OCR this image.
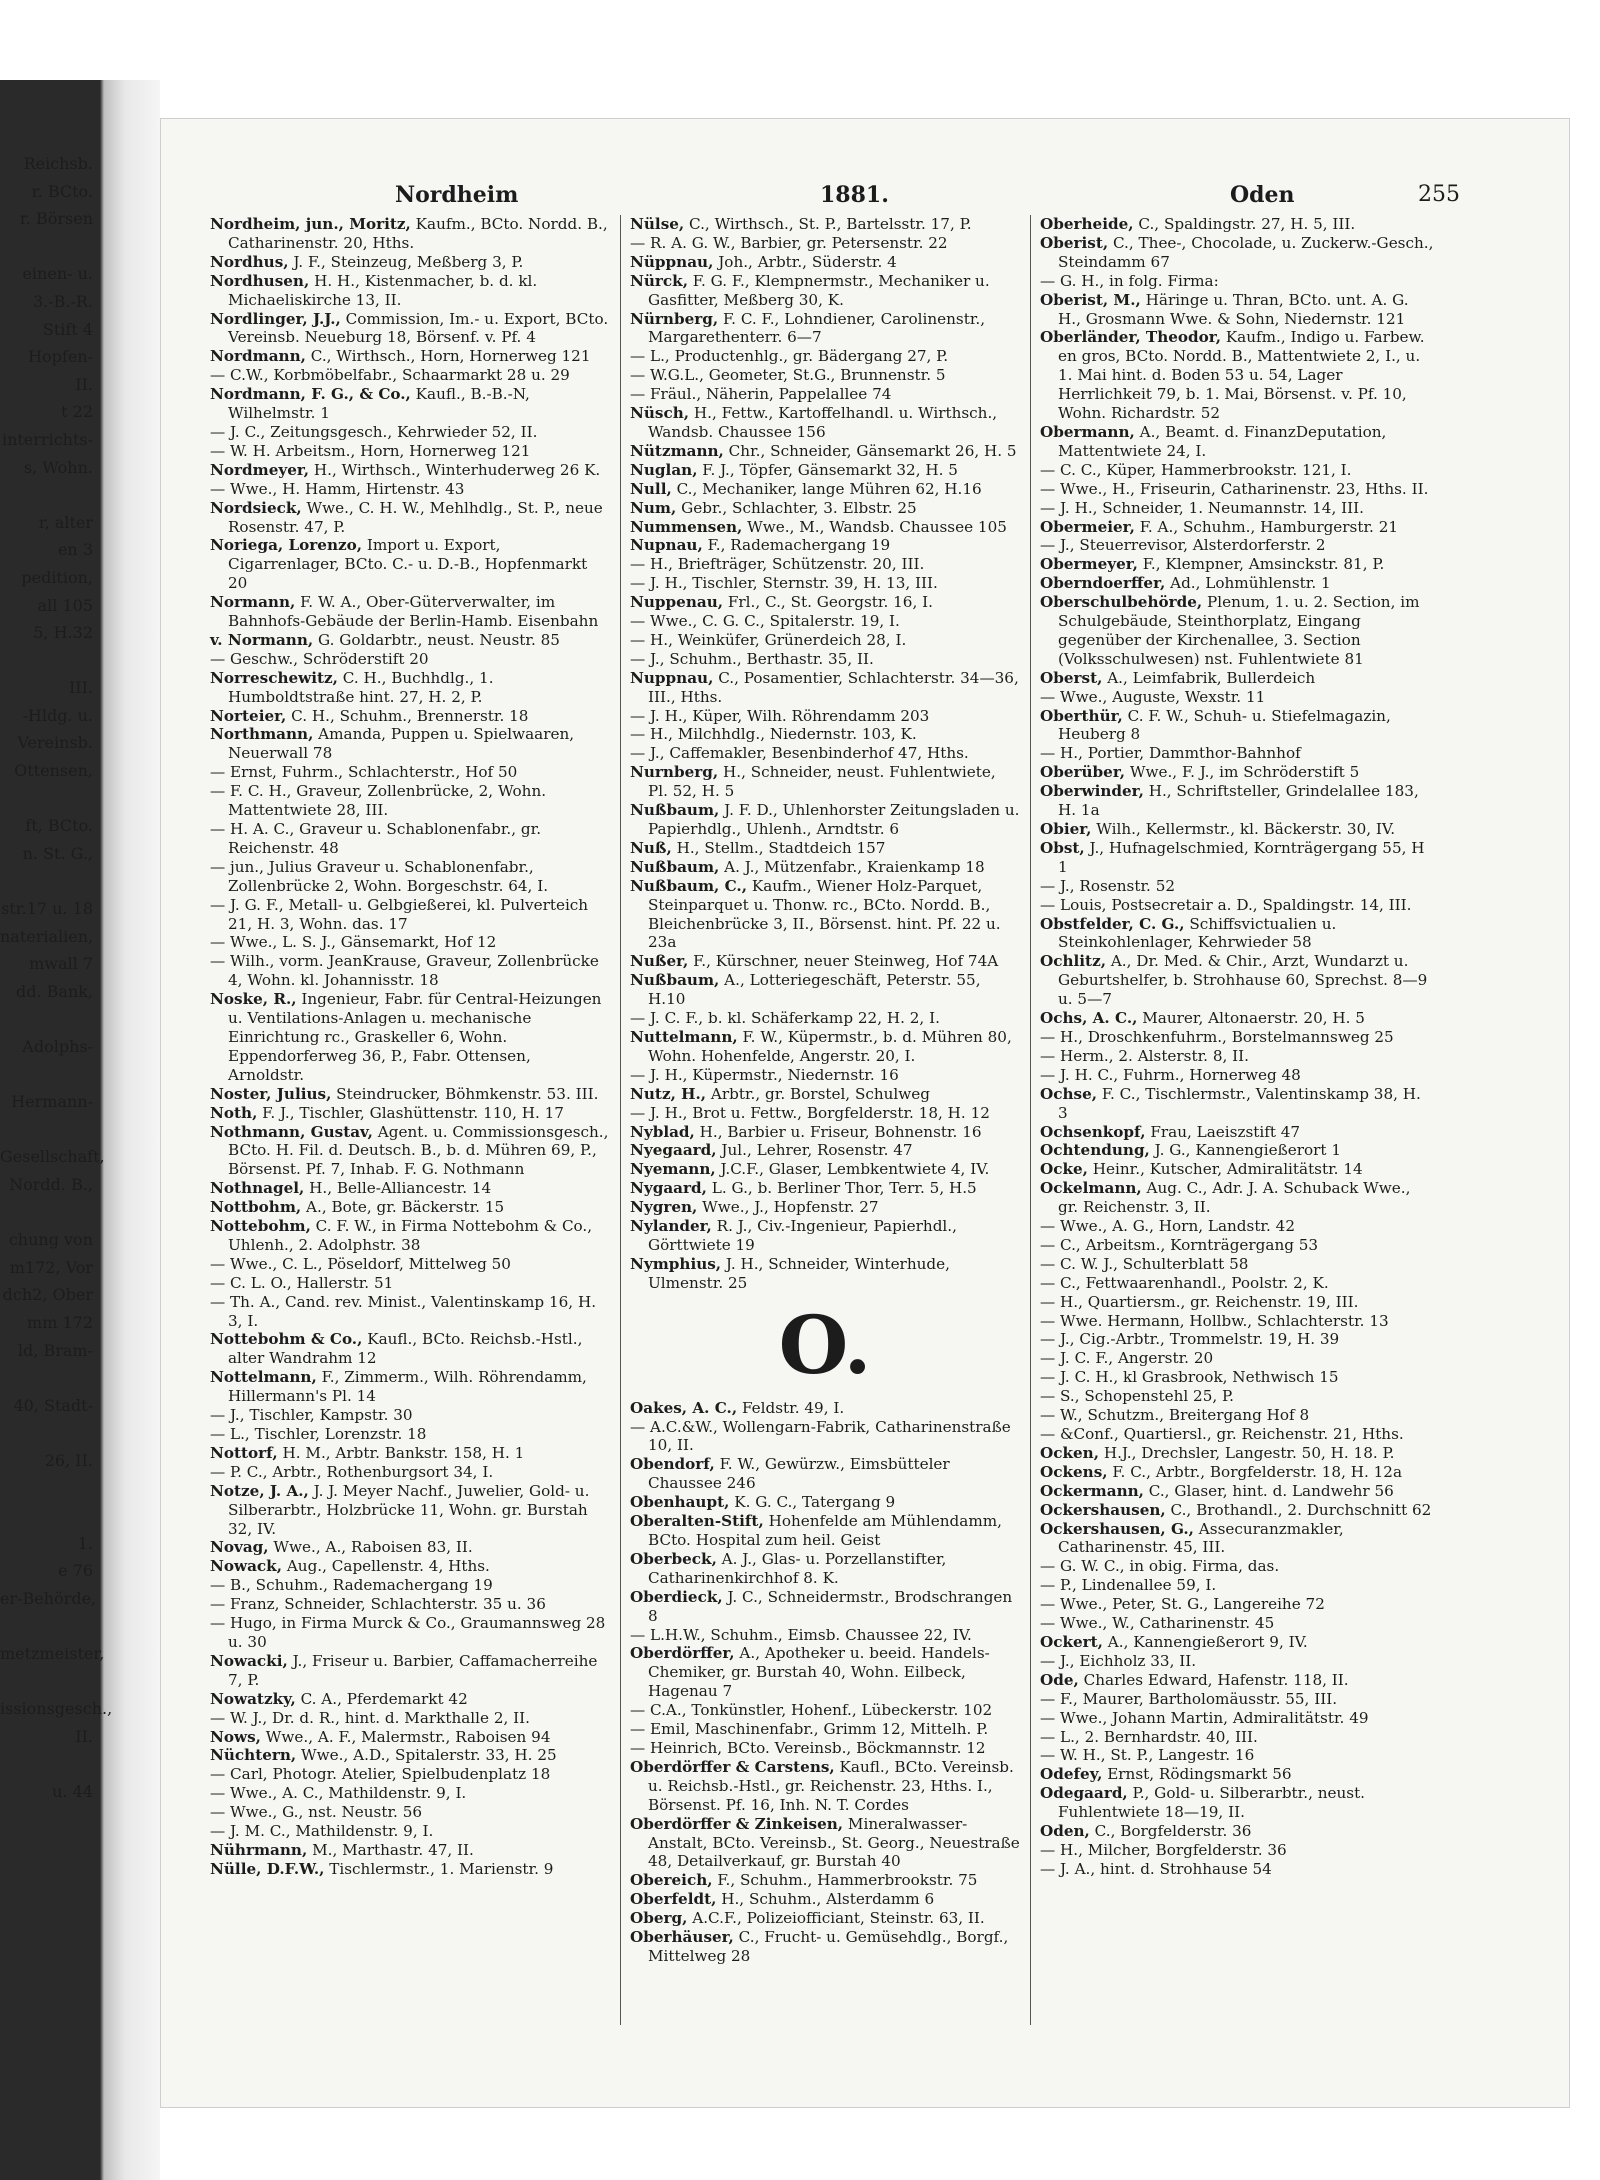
Reichsb.
r. BCto.
r. Börsen

einen- u.
3.-B.-R.
Stift 4
Hopfen-
II.
t 22
interrichts-
s, Wohn.

r, alter
en 3
pedition,
all 105
5, H.32

III.
-Hldg. u.
Vereinsb.
Ottensen,

ft, BCto.
n. St. G.,

str.17 u. 18
naterialien,
mwall 7
dd. Bank,

Adolphs-

Hermann-

Gesellschaft,
Nordd. B.,

chung von
m172, Vor
dch2, Ober
mm 172
ld, Bram-

40, Stadt-

26, II.

1.
e 76
er-Behörde,

metzmeister,

issionsgesch.,
II.

u. 44
Nordheim	1881.	Oden	255
Nordheim, jun., Moritz, Kaufm., BCto. Nordd. B., Catharinenstr. 20, Hths.
Nordhus, J. F., Steinzeug, Meßberg 3, P.
Nordhusen, H. H., Kistenmacher, b. d. kl. Michaeliskirche 13, II.
Nordlinger, J.J., Commission, Im.- u. Export, BCto. Vereinsb. Neueburg 18, Börsenf. v. Pf. 4
Nordmann, C., Wirthsch., Horn, Hornerweg 121
— C.W., Korbmöbelfabr., Schaarmarkt 28 u. 29
Nordmann, F. G., & Co., Kaufl., B.-B.-N, Wilhelmstr. 1
— J. C., Zeitungsgesch., Kehrwieder 52, II.
— W. H. Arbeitsm., Horn, Hornerweg 121
Nordmeyer, H., Wirthsch., Winterhuderweg 26 K.
— Wwe., H. Hamm, Hirtenstr. 43
Nordsieck, Wwe., C. H. W., Mehlhdlg., St. P., neue Rosenstr. 47, P.
Noriega, Lorenzo, Import u. Export, Cigarrenlager, BCto. C.- u. D.-B., Hopfenmarkt 20
Normann, F. W. A., Ober-Güterverwalter, im Bahnhofs-Gebäude der Berlin-Hamb. Eisenbahn
v. Normann, G. Goldarbtr., neust. Neustr. 85
— Geschw., Schröderstift 20
Norreschewitz, C. H., Buchhdlg., 1. Humboldtstraße hint. 27, H. 2, P.
Norteier, C. H., Schuhm., Brennerstr. 18
Northmann, Amanda, Puppen u. Spielwaaren, Neuerwall 78
— Ernst, Fuhrm., Schlachterstr., Hof 50
— F. C. H., Graveur, Zollenbrücke, 2, Wohn. Mattentwiete 28, III.
— H. A. C., Graveur u. Schablonenfabr., gr. Reichenstr. 48
— jun., Julius Graveur u. Schablonenfabr., Zollenbrücke 2, Wohn. Borgeschstr. 64, I.
— J. G. F., Metall- u. Gelbgießerei, kl. Pulverteich 21, H. 3, Wohn. das. 17
— Wwe., L. S. J., Gänsemarkt, Hof 12
— Wilh., vorm. JeanKrause, Graveur, Zollenbrücke 4, Wohn. kl. Johannisstr. 18
Noske, R., Ingenieur, Fabr. für Central-Heizungen u. Ventilations-Anlagen u. mechanische Einrichtung rc., Graskeller 6, Wohn. Eppendorferweg 36, P., Fabr. Ottensen, Arnoldstr.
Noster, Julius, Steindrucker, Böhmkenstr. 53. III.
Noth, F. J., Tischler, Glashüttenstr. 110, H. 17
Nothmann, Gustav, Agent. u. Commissionsgesch., BCto. H. Fil. d. Deutsch. B., b. d. Mühren 69, P., Börsenst. Pf. 7, Inhab. F. G. Nothmann
Nothnagel, H., Belle-Alliancestr. 14
Nottbohm, A., Bote, gr. Bäckerstr. 15
Nottebohm, C. F. W., in Firma Nottebohm & Co., Uhlenh., 2. Adolphstr. 38
— Wwe., C. L., Pöseldorf, Mittelweg 50
— C. L. O., Hallerstr. 51
— Th. A., Cand. rev. Minist., Valentinskamp 16, H. 3, I.
Nottebohm & Co., Kaufl., BCto. Reichsb.-Hstl., alter Wandrahm 12
Nottelmann, F., Zimmerm., Wilh. Röhrendamm, Hillermann's Pl. 14
— J., Tischler, Kampstr. 30
— L., Tischler, Lorenzstr. 18
Nottorf, H. M., Arbtr. Bankstr. 158, H. 1
— P. C., Arbtr., Rothenburgsort 34, I.
Notze, J. A., J. J. Meyer Nachf., Juwelier, Gold- u. Silberarbtr., Holzbrücke 11, Wohn. gr. Burstah 32, IV.
Novag, Wwe., A., Raboisen 83, II.
Nowack, Aug., Capellenstr. 4, Hths.
— B., Schuhm., Rademachergang 19
— Franz, Schneider, Schlachterstr. 35 u. 36
— Hugo, in Firma Murck & Co., Graumannsweg 28 u. 30
Nowacki, J., Friseur u. Barbier, Caffamacherreihe 7, P.
Nowatzky, C. A., Pferdemarkt 42
— W. J., Dr. d. R., hint. d. Markthalle 2, II.
Nows, Wwe., A. F., Malermstr., Raboisen 94
Nüchtern, Wwe., A.D., Spitalerstr. 33, H. 25
— Carl, Photogr. Atelier, Spielbudenplatz 18
— Wwe., A. C., Mathildenstr. 9, I.
— Wwe., G., nst. Neustr. 56
— J. M. C., Mathildenstr. 9, I.
Nührmann, M., Marthastr. 47, II.
Nülle, D.F.W., Tischlermstr., 1. Marienstr. 9
Nülse, C., Wirthsch., St. P., Bartelsstr. 17, P.
— R. A. G. W., Barbier, gr. Petersenstr. 22
Nüppnau, Joh., Arbtr., Süderstr. 4
Nürck, F. G. F., Klempnermstr., Mechaniker u. Gasfitter, Meßberg 30, K.
Nürnberg, F. C. F., Lohndiener, Carolinenstr., Margarethenterr. 6—7
— L., Productenhlg., gr. Bädergang 27, P.
— W.G.L., Geometer, St.G., Brunnenstr. 5
— Fräul., Näherin, Pappelallee 74
Nüsch, H., Fettw., Kartoffelhandl. u. Wirthsch., Wandsb. Chaussee 156
Nützmann, Chr., Schneider, Gänsemarkt 26, H. 5
Nuglan, F. J., Töpfer, Gänsemarkt 32, H. 5
Null, C., Mechaniker, lange Mühren 62, H.16
Num, Gebr., Schlachter, 3. Elbstr. 25
Nummensen, Wwe., M., Wandsb. Chaussee 105
Nupnau, F., Rademachergang 19
— H., Briefträger, Schützenstr. 20, III.
— J. H., Tischler, Sternstr. 39, H. 13, III.
Nuppenau, Frl., C., St. Georgstr. 16, I.
— Wwe., C. G. C., Spitalerstr. 19, I.
— H., Weinküfer, Grünerdeich 28, I.
— J., Schuhm., Berthastr. 35, II.
Nuppnau, C., Posamentier, Schlachterstr. 34—36, III., Hths.
— J. H., Küper, Wilh. Röhrendamm 203
— H., Milchhdlg., Niedernstr. 103, K.
— J., Caffemakler, Besenbinderhof 47, Hths.
Nurnberg, H., Schneider, neust. Fuhlentwiete, Pl. 52, H. 5
Nußbaum, J. F. D., Uhlenhorster Zeitungsladen u. Papierhdlg., Uhlenh., Arndtstr. 6
Nuß, H., Stellm., Stadtdeich 157
Nußbaum, A. J., Mützenfabr., Kraienkamp 18
Nußbaum, C., Kaufm., Wiener Holz-Parquet, Steinparquet u. Thonw. rc., BCto. Nordd. B., Bleichenbrücke 3, II., Börsenst. hint. Pf. 22 u. 23a
Nußer, F., Kürschner, neuer Steinweg, Hof 74A
Nußbaum, A., Lotteriegeschäft, Peterstr. 55, H.10
— J. C. F., b. kl. Schäferkamp 22, H. 2, I.
Nuttelmann, F. W., Küpermstr., b. d. Mühren 80, Wohn. Hohenfelde, Angerstr. 20, I.
— J. H., Küpermstr., Niedernstr. 16
Nutz, H., Arbtr., gr. Borstel, Schulweg
— J. H., Brot u. Fettw., Borgfelderstr. 18, H. 12
Nyblad, H., Barbier u. Friseur, Bohnenstr. 16
Nyegaard, Jul., Lehrer, Rosenstr. 47
Nyemann, J.C.F., Glaser, Lembkentwiete 4, IV.
Nygaard, L. G., b. Berliner Thor, Terr. 5, H.5
Nygren, Wwe., J., Hopfenstr. 27
Nylander, R. J., Civ.-Ingenieur, Papierhdl., Görttwiete 19
Nymphius, J. H., Schneider, Winterhude, Ulmenstr. 25
O.
Oakes, A. C., Feldstr. 49, I.
— A.C.&W., Wollengarn-Fabrik, Catharinenstraße 10, II.
Obendorf, F. W., Gewürzw., Eimsbütteler Chaussee 246
Obenhaupt, K. G. C., Tatergang 9
Oberalten-Stift, Hohenfelde am Mühlendamm, BCto. Hospital zum heil. Geist
Oberbeck, A. J., Glas- u. Porzellanstifter, Catharinenkirchhof 8. K.
Oberdieck, J. C., Schneidermstr., Brodschrangen 8
— L.H.W., Schuhm., Eimsb. Chaussee 22, IV.
Oberdörffer, A., Apotheker u. beeid. Handels-Chemiker, gr. Burstah 40, Wohn. Eilbeck, Hagenau 7
— C.A., Tonkünstler, Hohenf., Lübeckerstr. 102
— Emil, Maschinenfabr., Grimm 12, Mittelh. P.
— Heinrich, BCto. Vereinsb., Böckmannstr. 12
Oberdörffer & Carstens, Kaufl., BCto. Vereinsb. u. Reichsb.-Hstl., gr. Reichenstr. 23, Hths. I., Börsenst. Pf. 16, Inh. N. T. Cordes
Oberdörffer & Zinkeisen, Mineralwasser-Anstalt, BCto. Vereinsb., St. Georg., Neuestraße 48, Detailverkauf, gr. Burstah 40
Obereich, F., Schuhm., Hammerbrookstr. 75
Oberfeldt, H., Schuhm., Alsterdamm 6
Oberg, A.C.F., Polizeiofficiant, Steinstr. 63, II.
Oberhäuser, C., Frucht- u. Gemüsehdlg., Borgf., Mittelweg 28
Oberheide, C., Spaldingstr. 27, H. 5, III.
Oberist, C., Thee-, Chocolade, u. Zuckerw.-Gesch., Steindamm 67
— G. H., in folg. Firma:
Oberist, M., Häringe u. Thran, BCto. unt. A. G. H., Grosmann Wwe. & Sohn, Niedernstr. 121
Oberländer, Theodor, Kaufm., Indigo u. Farbew. en gros, BCto. Nordd. B., Mattentwiete 2, I., u. 1. Mai hint. d. Boden 53 u. 54, Lager Herrlichkeit 79, b. 1. Mai, Börsenst. v. Pf. 10, Wohn. Richardstr. 52
Obermann, A., Beamt. d. FinanzDeputation, Mattentwiete 24, I.
— C. C., Küper, Hammerbrookstr. 121, I.
— Wwe., H., Friseurin, Catharinenstr. 23, Hths. II.
— J. H., Schneider, 1. Neumannstr. 14, III.
Obermeier, F. A., Schuhm., Hamburgerstr. 21
— J., Steuerrevisor, Alsterdorferstr. 2
Obermeyer, F., Klempner, Amsinckstr. 81, P.
Oberndoerffer, Ad., Lohmühlenstr. 1
Oberschulbehörde, Plenum, 1. u. 2. Section, im Schulgebäude, Steinthorplatz, Eingang gegenüber der Kirchenallee, 3. Section (Volksschulwesen) nst. Fuhlentwiete 81
Oberst, A., Leimfabrik, Bullerdeich
— Wwe., Auguste, Wexstr. 11
Oberthür, C. F. W., Schuh- u. Stiefelmagazin, Heuberg 8
— H., Portier, Dammthor-Bahnhof
Oberüber, Wwe., F. J., im Schröderstift 5
Oberwinder, H., Schriftsteller, Grindelallee 183, H. 1a
Obier, Wilh., Kellermstr., kl. Bäckerstr. 30, IV.
Obst, J., Hufnagelschmied, Kornträgergang 55, H 1
— J., Rosenstr. 52
— Louis, Postsecretair a. D., Spaldingstr. 14, III.
Obstfelder, C. G., Schiffsvictualien u. Steinkohlenlager, Kehrwieder 58
Ochlitz, A., Dr. Med. & Chir., Arzt, Wundarzt u. Geburtshelfer, b. Strohhause 60, Sprechst. 8—9 u. 5—7
Ochs, A. C., Maurer, Altonaerstr. 20, H. 5
— H., Droschkenfuhrm., Borstelmannsweg 25
— Herm., 2. Alsterstr. 8, II.
— J. H. C., Fuhrm., Hornerweg 48
Ochse, F. C., Tischlermstr., Valentinskamp 38, H. 3
Ochsenkopf, Frau, Laeiszstift 47
Ochtendung, J. G., Kannengießerort 1
Ocke, Heinr., Kutscher, Admiralitätstr. 14
Ockelmann, Aug. C., Adr. J. A. Schuback Wwe., gr. Reichenstr. 3, II.
— Wwe., A. G., Horn, Landstr. 42
— C., Arbeitsm., Kornträgergang 53
— C. W. J., Schulterblatt 58
— C., Fettwaarenhandl., Poolstr. 2, K.
— H., Quartiersm., gr. Reichenstr. 19, III.
— Wwe. Hermann, Hollbw., Schlachterstr. 13
— J., Cig.-Arbtr., Trommelstr. 19, H. 39
— J. C. F., Angerstr. 20
— J. C. H., kl Grasbrook, Nethwisch 15
— S., Schopenstehl 25, P.
— W., Schutzm., Breitergang Hof 8
— &Conf., Quartiersl., gr. Reichenstr. 21, Hths.
Ocken, H.J., Drechsler, Langestr. 50, H. 18. P.
Ockens, F. C., Arbtr., Borgfelderstr. 18, H. 12a
Ockermann, C., Glaser, hint. d. Landwehr 56
Ockershausen, C., Brothandl., 2. Durchschnitt 62
Ockershausen, G., Assecuranzmakler, Catharinenstr. 45, III.
— G. W. C., in obig. Firma, das.
— P., Lindenallee 59, I.
— Wwe., Peter, St. G., Langereihe 72
— Wwe., W., Catharinenstr. 45
Ockert, A., Kannengießerort 9, IV.
— J., Eichholz 33, II.
Ode, Charles Edward, Hafenstr. 118, II.
— F., Maurer, Bartholomäusstr. 55, III.
— Wwe., Johann Martin, Admiralitätstr. 49
— L., 2. Bernhardstr. 40, III.
— W. H., St. P., Langestr. 16
Odefey, Ernst, Rödingsmarkt 56
Odegaard, P., Gold- u. Silberarbtr., neust. Fuhlentwiete 18—19, II.
Oden, C., Borgfelderstr. 36
— H., Milcher, Borgfelderstr. 36
— J. A., hint. d. Strohhause 54
